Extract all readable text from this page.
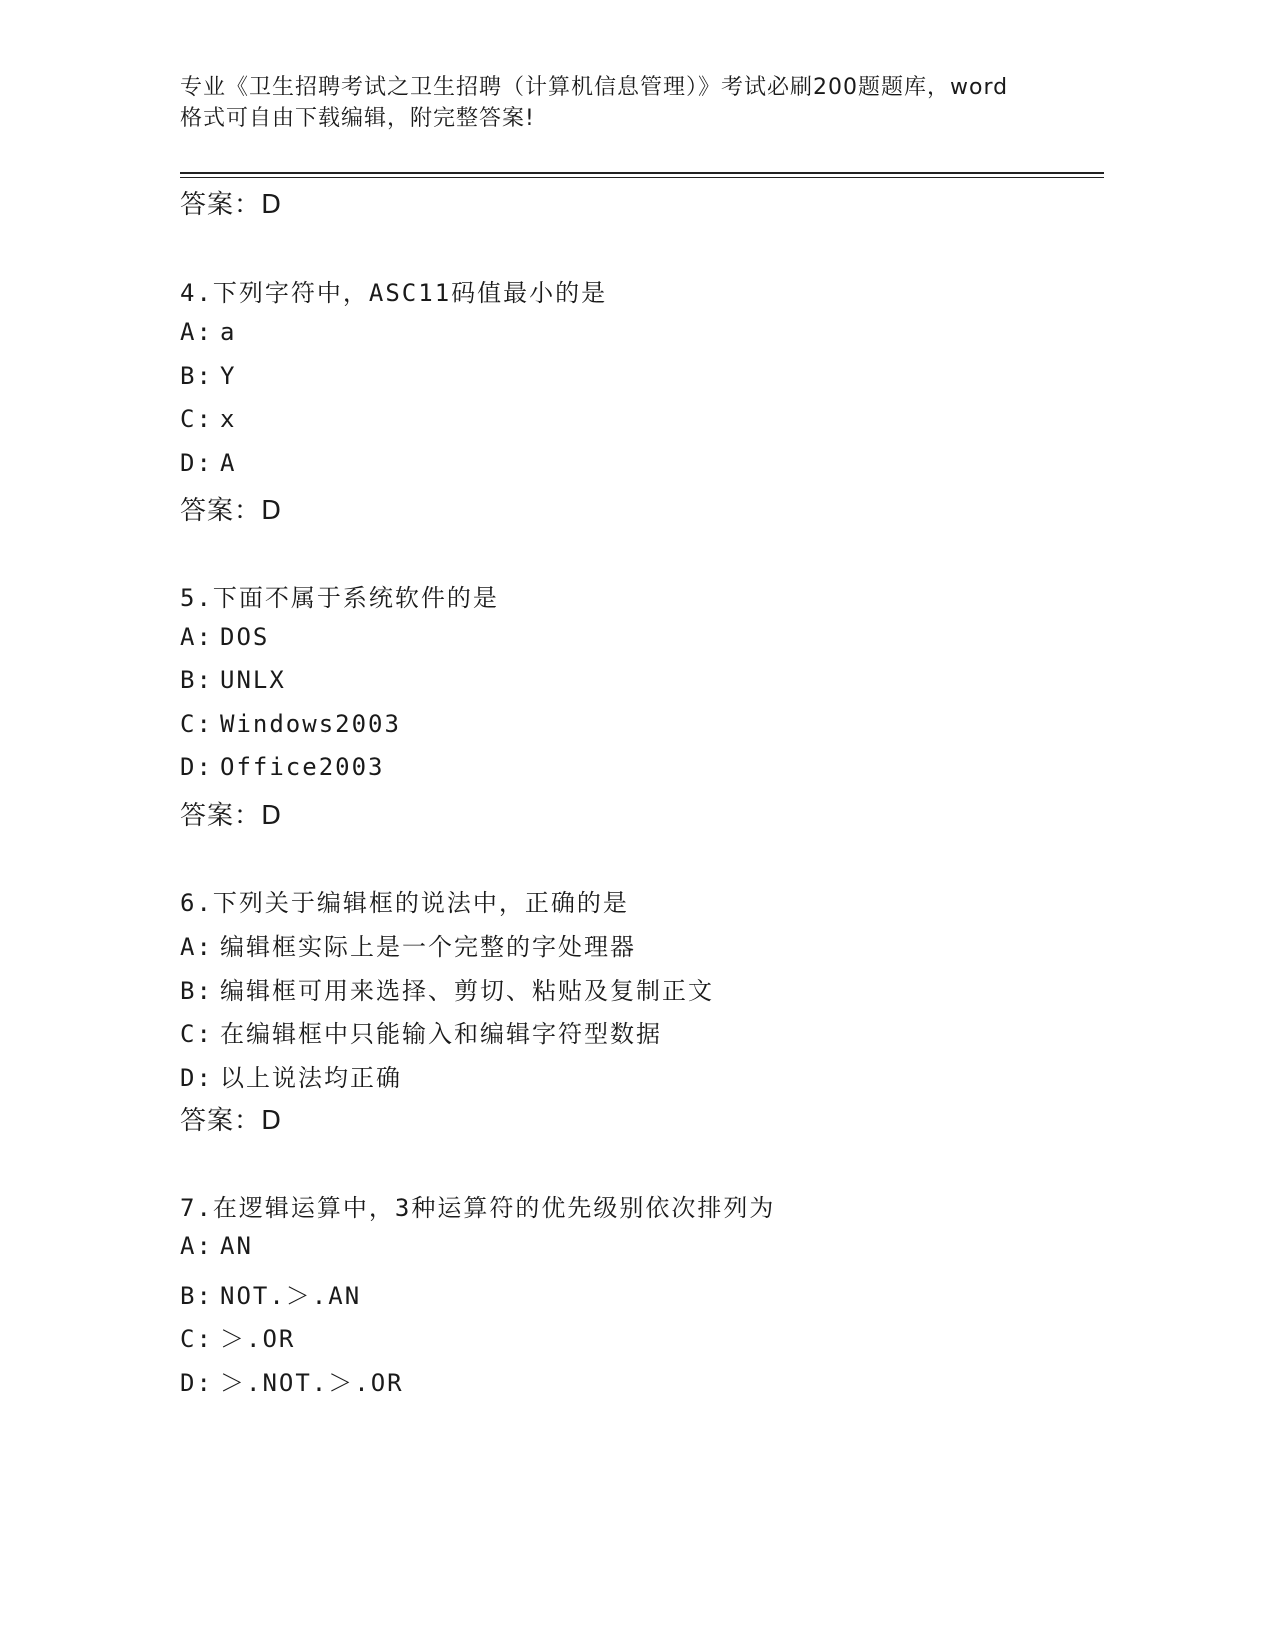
专业《卫生招聘考试之卫生招聘（计算机信息管理）》考试必刷200题题库，word
格式可自由下载编辑，附完整答案!
答案：D
4.下列字符中，ASC11码值最小的是
A: a
B: Y
C: x
D: A
答案：D
5.下面不属于系统软件的是
A: DOS
B: UNLX
C: Windows2003
D: Office2003
答案：D
6.下列关于编辑框的说法中，正确的是
A: 编辑框实际上是一个完整的字处理器
B: 编辑框可用来选择、剪切、粘贴及复制正文
C: 在编辑框中只能输入和编辑字符型数据
D: 以上说法均正确
答案：D
7.在逻辑运算中，3种运算符的优先级别依次排列为
A: AN
B: NOT.＞.AN
C: ＞.OR
D: ＞.NOT.＞.OR
